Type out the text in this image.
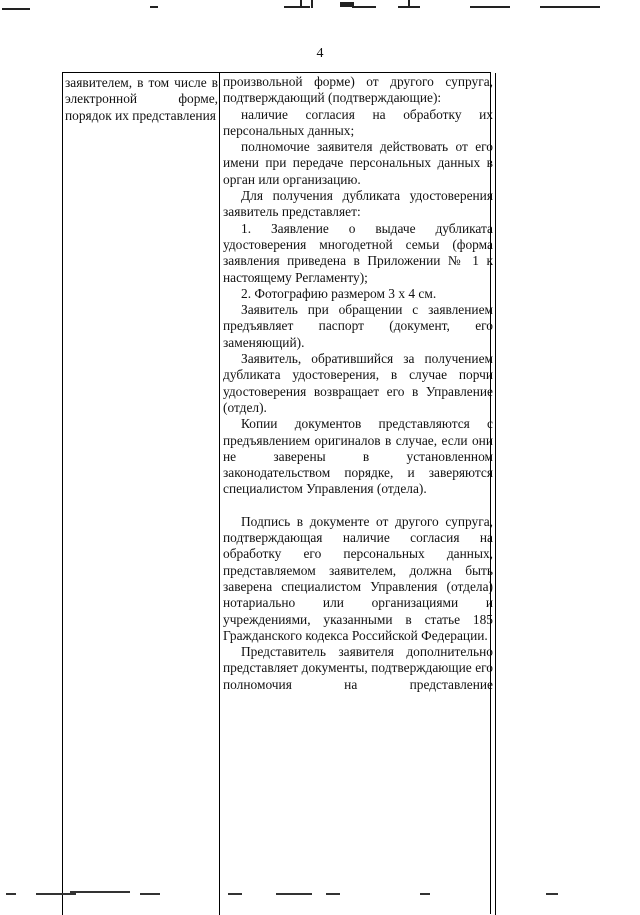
4
заявителем, в том числе в электронной форме, порядок их представления

произвольной форме) от другого супруга, подтверждающий (подтверждающие):

наличие согласия на обработку их персональных данных;

полномочие заявителя действовать от его имени при передаче персональных данных в орган или организацию.

Для получения дубликата удостоверения заявитель представляет:

1. Заявление о выдаче дубликата удостоверения многодетной семьи (форма заявления приведена в Приложении № 1 к настоящему Регламенту);

2. Фотографию размером 3 х 4 см.

Заявитель при обращении с заявлением предъявляет паспорт (документ, его заменяющий).

Заявитель, обратившийся за получением дубликата удостоверения, в случае порчи удостоверения возвращает его в Управление (отдел).

Копии документов представляются с предъявлением оригиналов в случае, если они не заверены в установленном законодательством порядке, и заверяются специалистом Управления (отдела).

Подпись в документе от другого супруга, подтверждающая наличие согласия на обработку его персональных данных, представляемом заявителем, должна быть заверена специалистом Управления (отдела) нотариально или организациями и учреждениями, указанными в статье 185 Гражданского кодекса Российской Федерации.

Представитель заявителя дополнительно представляет документы, подтверждающие его полномочия на представление
